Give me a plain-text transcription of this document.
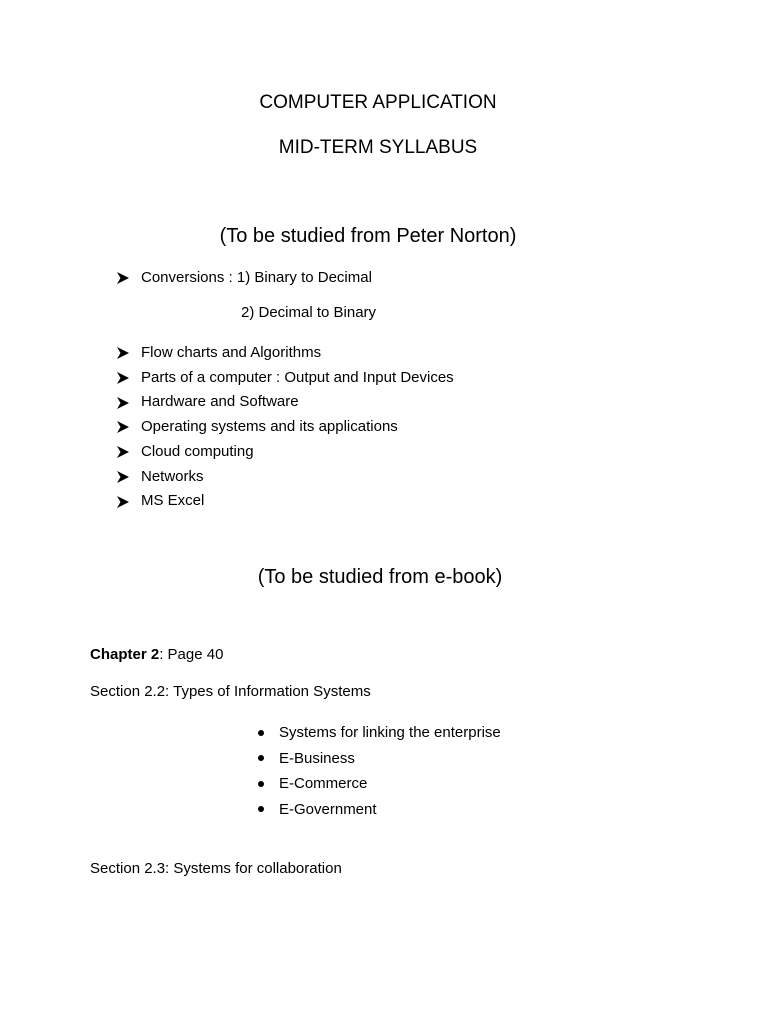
COMPUTER APPLICATION
MID-TERM SYLLABUS
(To be studied from Peter Norton)
Conversions : 1) Binary to Decimal
2) Decimal to Binary
Flow charts and Algorithms
Parts of a computer : Output and Input Devices
Hardware and Software
Operating systems and its applications
Cloud computing
Networks
MS Excel
(To be studied from e-book)
Chapter 2: Page 40
Section 2.2: Types of Information Systems
Systems for linking the enterprise
E-Business
E-Commerce
E-Government
Section 2.3: Systems for collaboration
